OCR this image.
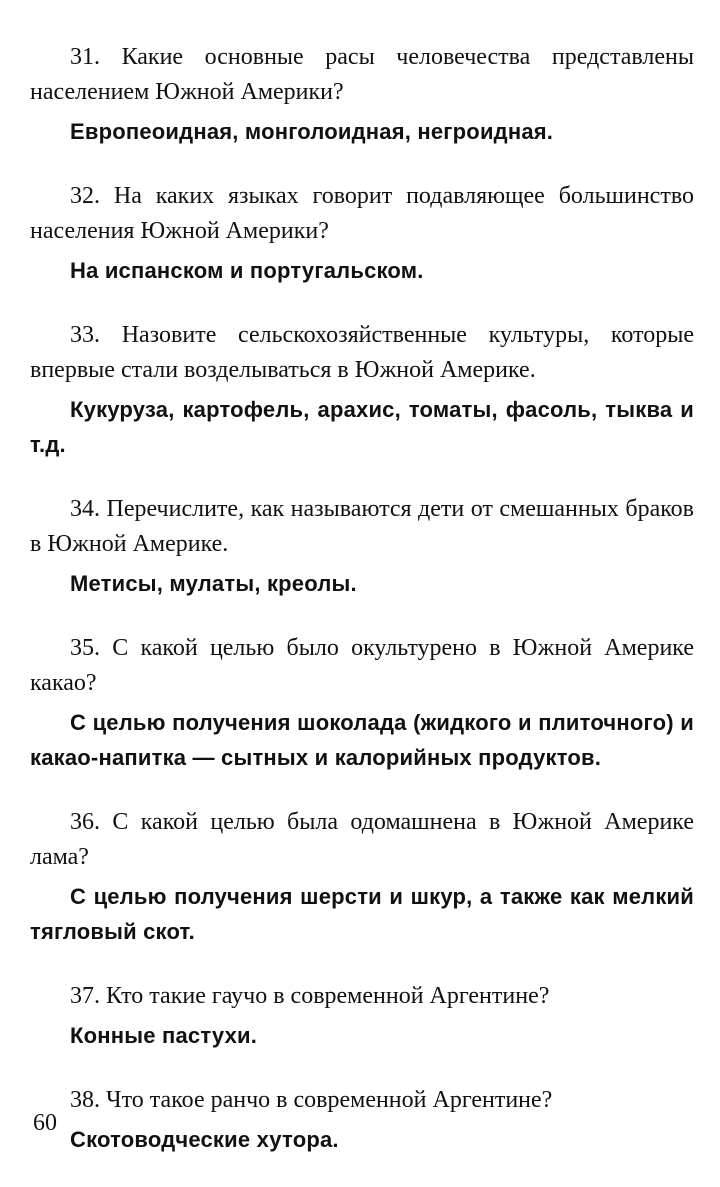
31. Какие основные расы человечества представлены населением Южной Америки?

Европеоидная, монголоидная, негроидная.

32. На каких языках говорит подавляющее большинство населения Южной Америки?

На испанском и португальском.

33. Назовите сельскохозяйственные культуры, которые впервые стали возделываться в Южной Америке.

Кукуруза, картофель, арахис, томаты, фасоль, тыква и т.д.

34. Перечислите, как называются дети от смешанных браков в Южной Америке.

Метисы, мулаты, креолы.

35. С какой целью было окультурено в Южной Америке какао?

С целью получения шоколада (жидкого и плиточного) и какао-напитка — сытных и калорийных продуктов.

36. С какой целью была одомашнена в Южной Америке лама?

С целью получения шерсти и шкур, а также как мелкий тягловый скот.

37. Кто такие гаучо в современной Аргентине?

Конные пастухи.

38. Что такое ранчо в современной Аргентине?

Скотоводческие хутора.

60
